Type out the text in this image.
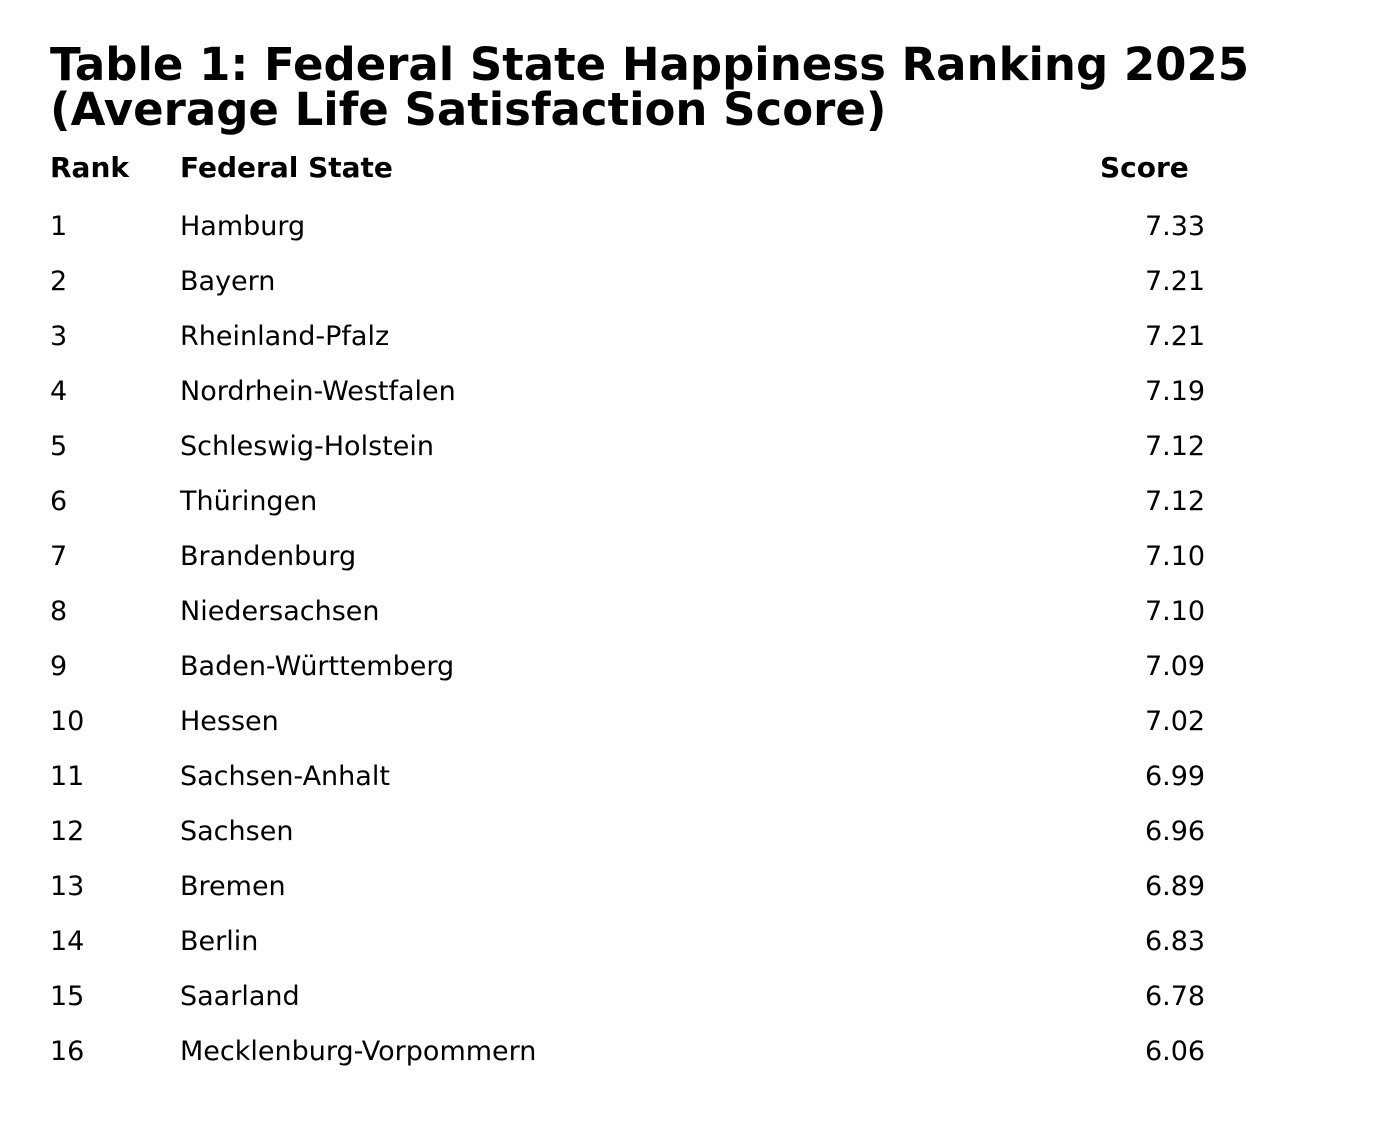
Table 1: Federal State Happiness Ranking 2025
(Average Life Satisfaction Score)
Rank Federal State	Score
1	Hamburg	7.33
2	Bayern	7.21
3	Rheinland-Pfalz	7.21
4	Nordrhein-Westfalen	7.19
5	Schleswig-Holstein	7.12
6	Thüringen	7.12
7	Brandenburg	7.10
8	Niedersachsen	7.10
9	Baden-Württemberg	7.09
10	Hessen	7.02
11	Sachsen-Anhalt	6.99
12	Sachsen	6.96
13	Bremen	6.89
14	Berlin	6.83
15	Saarland	6.78
16	Mecklenburg-Vorpommern	6.06
